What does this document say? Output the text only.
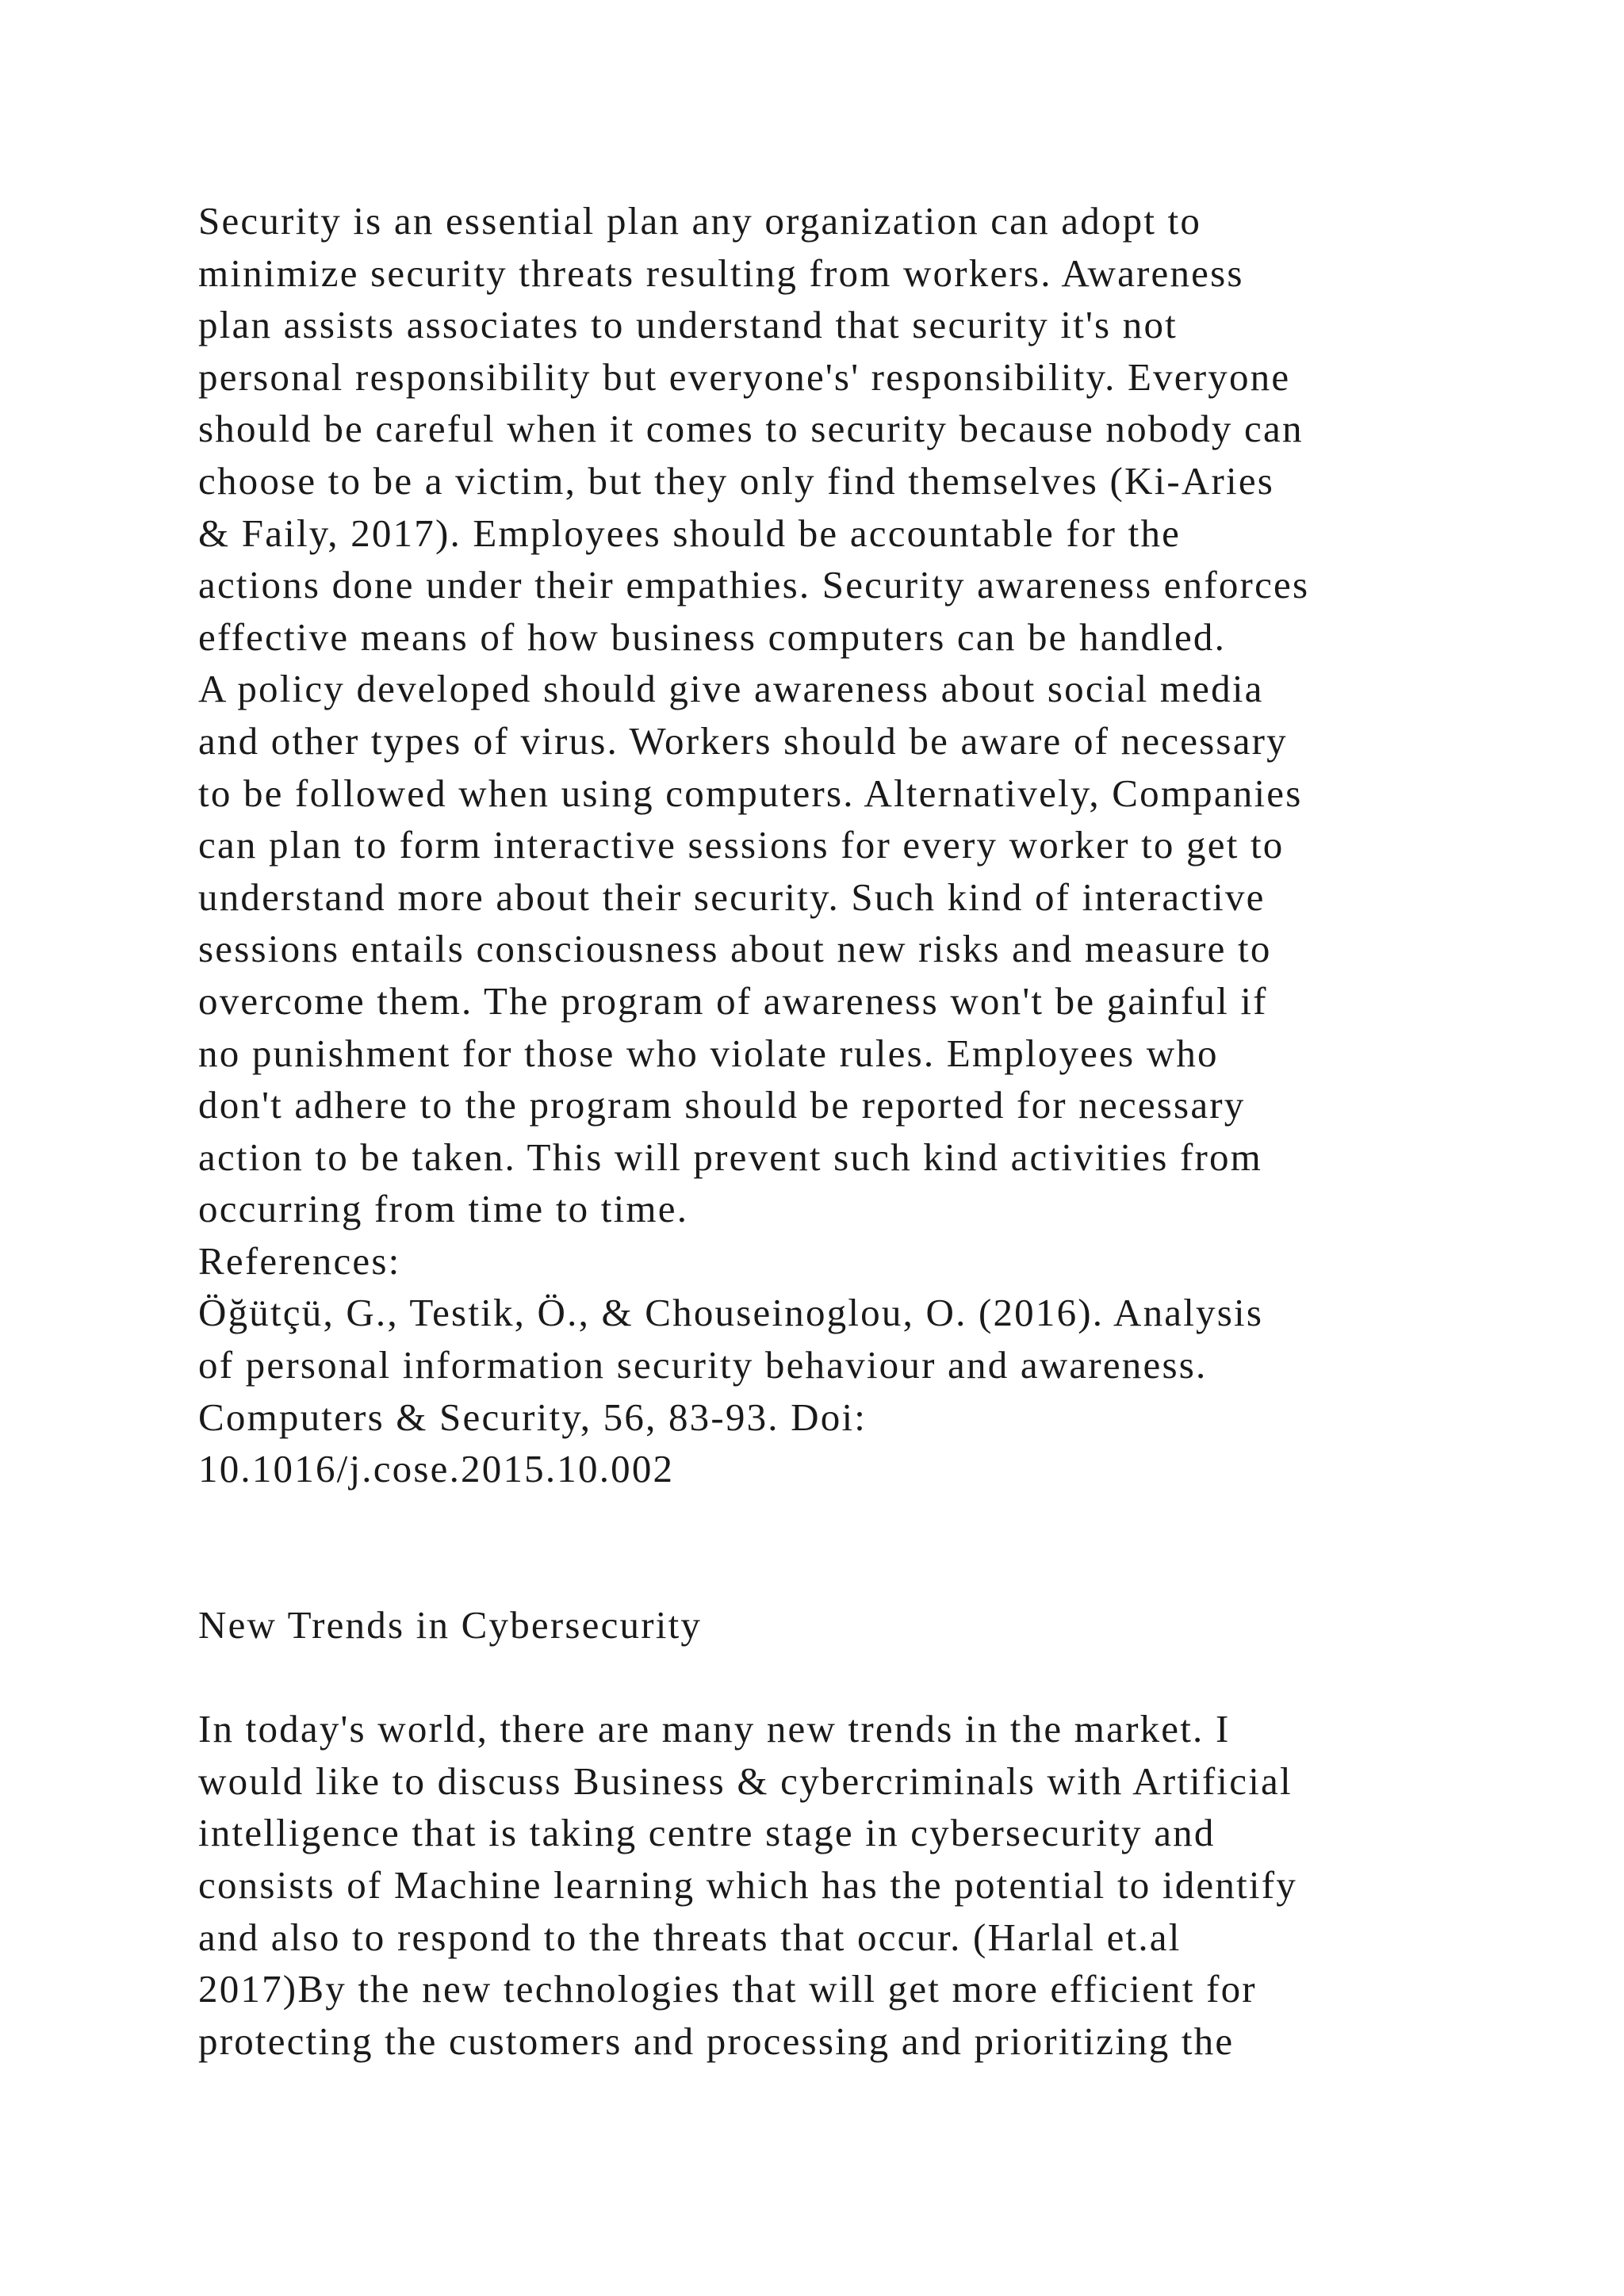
Security is an essential plan any organization can adopt to
minimize security threats resulting from workers. Awareness
plan assists associates to understand that security it's not
personal responsibility but everyone's' responsibility. Everyone
should be careful when it comes to security because nobody can
choose to be a victim, but they only find themselves (Ki-Aries
& Faily, 2017). Employees should be accountable for the
actions done under their empathies. Security awareness enforces
effective means of how business computers can be handled.
A policy developed should give awareness about social media
and other types of virus. Workers should be aware of necessary
to be followed when using computers. Alternatively, Companies
can plan to form interactive sessions for every worker to get to
understand more about their security. Such kind of interactive
sessions entails consciousness about new risks and measure to
overcome them. The program of awareness won't be gainful if
no punishment for those who violate rules. Employees who
don't adhere to the program should be reported for necessary
action to be taken. This will prevent such kind activities from
occurring from time to time.
References:
Öğütçü, G., Testik, Ö., & Chouseinoglou, O. (2016). Analysis
of personal information security behaviour and awareness.
Computers & Security, 56, 83-93. Doi:
10.1016/j.cose.2015.10.002
New Trends in Cybersecurity
In today's world, there are many new trends in the market. I
would like to discuss Business & cybercriminals with Artificial
intelligence that is taking centre stage in cybersecurity and
consists of Machine learning which has the potential to identify
and also to respond to the threats that occur. (Harlal et.al
2017)By the new technologies that will get more efficient for
protecting the customers and processing and prioritizing the
